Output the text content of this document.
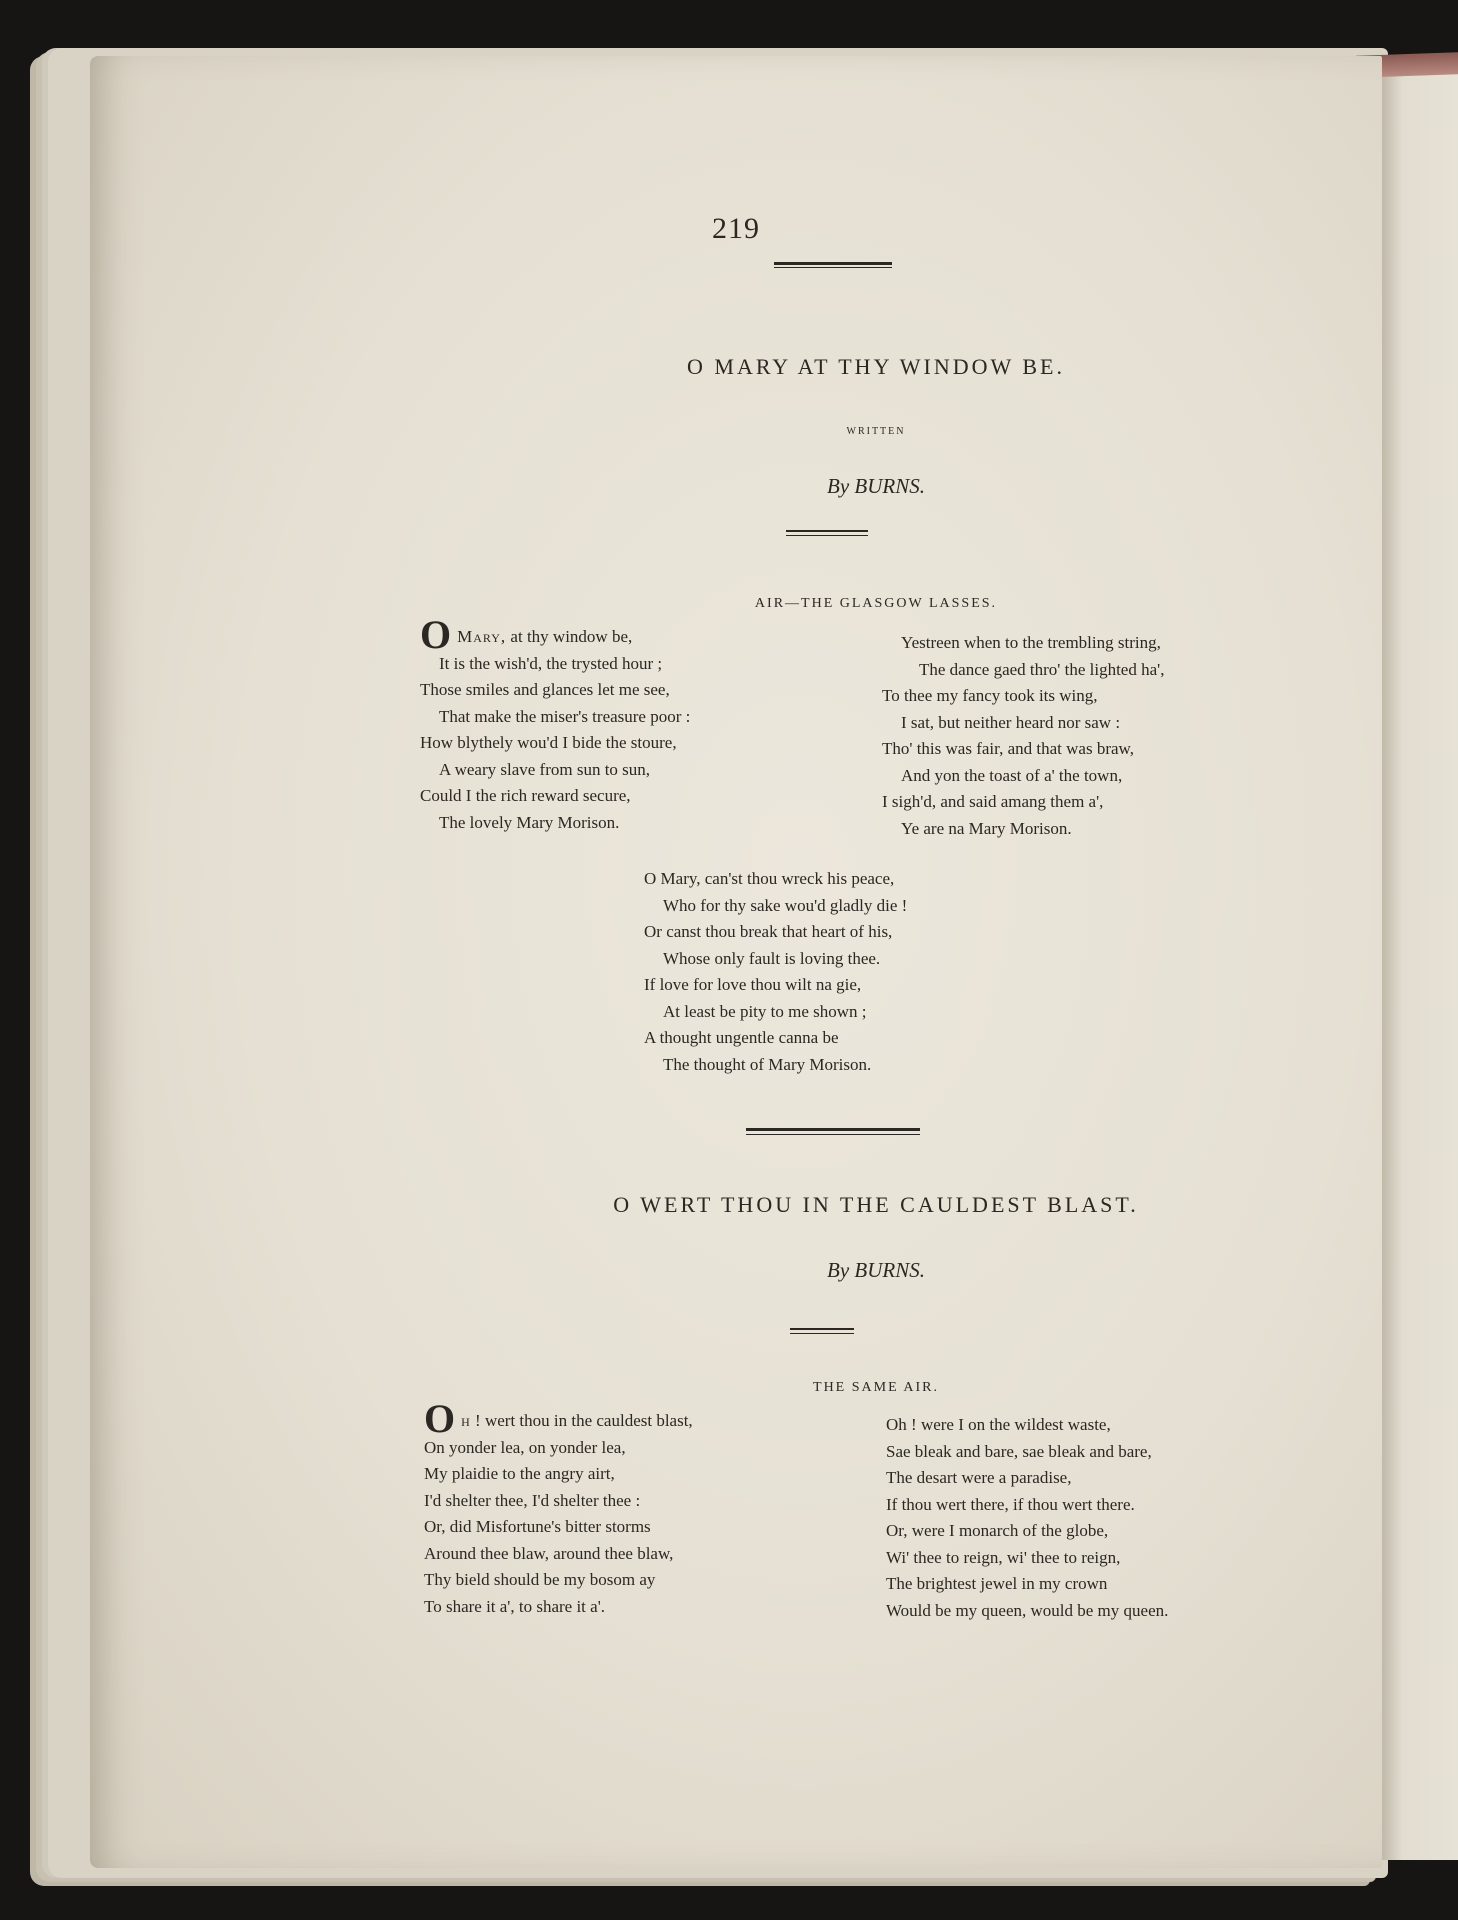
219
O MARY AT THY WINDOW BE.
WRITTEN
By BURNS.
AIR—THE GLASGOW LASSES.
O Mary, at thy window be,
It is the wish'd, the trysted hour ;
Those smiles and glances let me see,
That make the miser's treasure poor :
How blythely wou'd I bide the stoure,
A weary slave from sun to sun,
Could I the rich reward secure,
The lovely Mary Morison.
Yestreen when to the trembling string,
The dance gaed thro' the lighted ha',
To thee my fancy took its wing,
I sat, but neither heard nor saw :
Tho' this was fair, and that was braw,
And yon the toast of a' the town,
I sigh'd, and said amang them a',
Ye are na Mary Morison.
O Mary, can'st thou wreck his peace,
Who for thy sake wou'd gladly die !
Or canst thou break that heart of his,
Whose only fault is loving thee.
If love for love thou wilt na gie,
At least be pity to me shown ;
A thought ungentle canna be
The thought of Mary Morison.
O WERT THOU IN THE CAULDEST BLAST.
By BURNS.
THE SAME AIR.
Oh ! wert thou in the cauldest blast,
On yonder lea, on yonder lea,
My plaidie to the angry airt,
I'd shelter thee, I'd shelter thee :
Or, did Misfortune's bitter storms
Around thee blaw, around thee blaw,
Thy bield should be my bosom ay
To share it a', to share it a'.
Oh ! were I on the wildest waste,
Sae bleak and bare, sae bleak and bare,
The desart were a paradise,
If thou wert there, if thou wert there.
Or, were I monarch of the globe,
Wi' thee to reign, wi' thee to reign,
The brightest jewel in my crown
Would be my queen, would be my queen.
